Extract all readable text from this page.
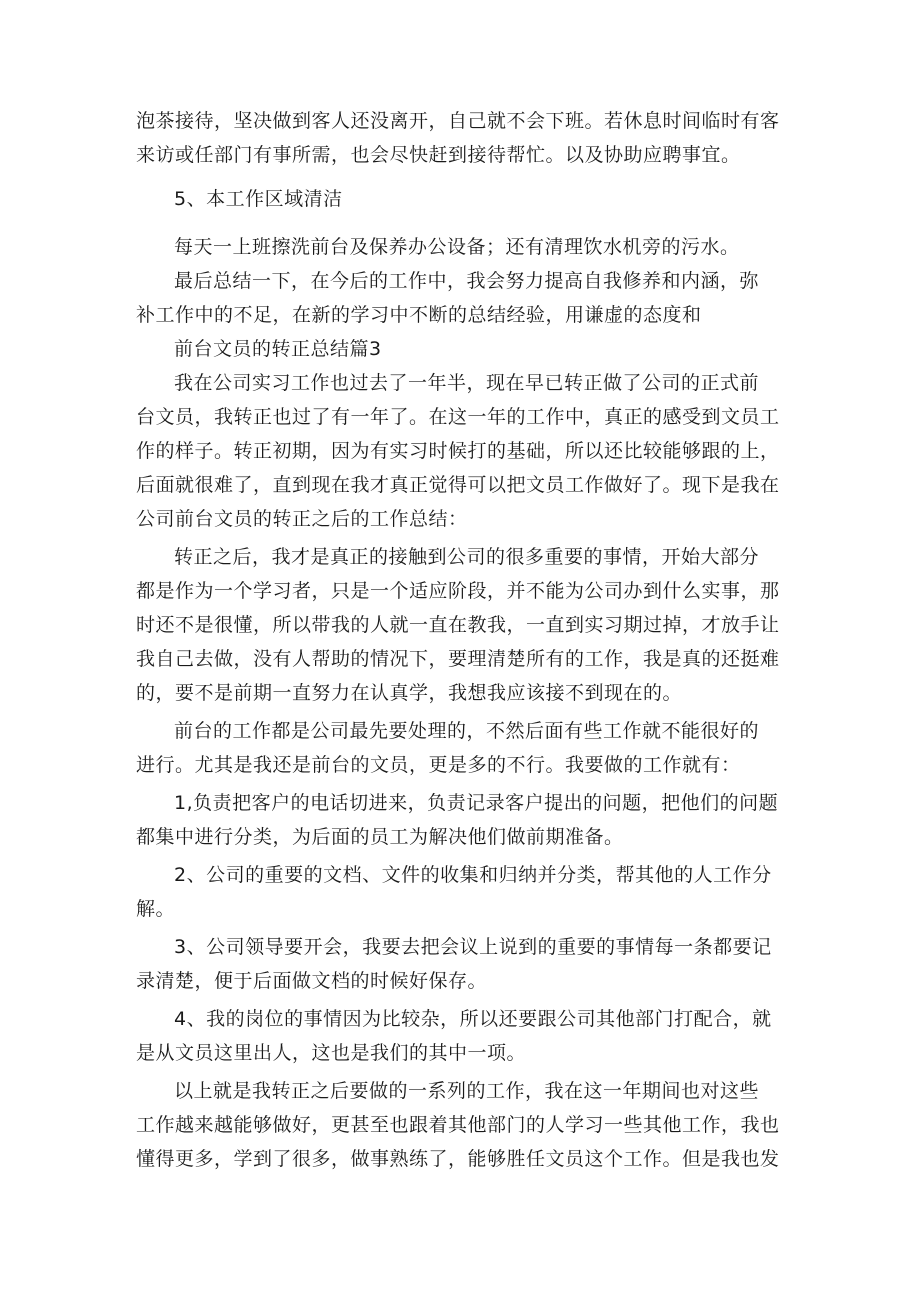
泡茶接待，坚决做到客人还没离开，自己就不会下班。若休息时间临时有客
来访或任部门有事所需，也会尽快赶到接待帮忙。以及协助应聘事宜。
5、本工作区域清洁
每天一上班擦洗前台及保养办公设备；还有清理饮水机旁的污水。
最后总结一下，在今后的工作中，我会努力提高自我修养和内涵，弥
补工作中的不足，在新的学习中不断的总结经验，用谦虚的态度和
前台文员的转正总结篇3
我在公司实习工作也过去了一年半，现在早已转正做了公司的正式前
台文员，我转正也过了有一年了。在这一年的工作中，真正的感受到文员工
作的样子。转正初期，因为有实习时候打的基础，所以还比较能够跟的上，
后面就很难了，直到现在我才真正觉得可以把文员工作做好了。现下是我在
公司前台文员的转正之后的工作总结：
转正之后，我才是真正的接触到公司的很多重要的事情，开始大部分
都是作为一个学习者，只是一个适应阶段，并不能为公司办到什么实事，那
时还不是很懂，所以带我的人就一直在教我，一直到实习期过掉，才放手让
我自己去做，没有人帮助的情况下，要理清楚所有的工作，我是真的还挺难
的，要不是前期一直努力在认真学，我想我应该接不到现在的。
前台的工作都是公司最先要处理的，不然后面有些工作就不能很好的
进行。尤其是我还是前台的文员，更是多的不行。我要做的工作就有：
1,负责把客户的电话切进来，负责记录客户提出的问题，把他们的问题
都集中进行分类，为后面的员工为解决他们做前期准备。
2、公司的重要的文档、文件的收集和归纳并分类，帮其他的人工作分
解。
3、公司领导要开会，我要去把会议上说到的重要的事情每一条都要记
录清楚，便于后面做文档的时候好保存。
4、我的岗位的事情因为比较杂，所以还要跟公司其他部门打配合，就
是从文员这里出人，这也是我们的其中一项。
以上就是我转正之后要做的一系列的工作，我在这一年期间也对这些
工作越来越能够做好，更甚至也跟着其他部门的人学习一些其他工作，我也
懂得更多，学到了很多，做事熟练了，能够胜任文员这个工作。但是我也发
